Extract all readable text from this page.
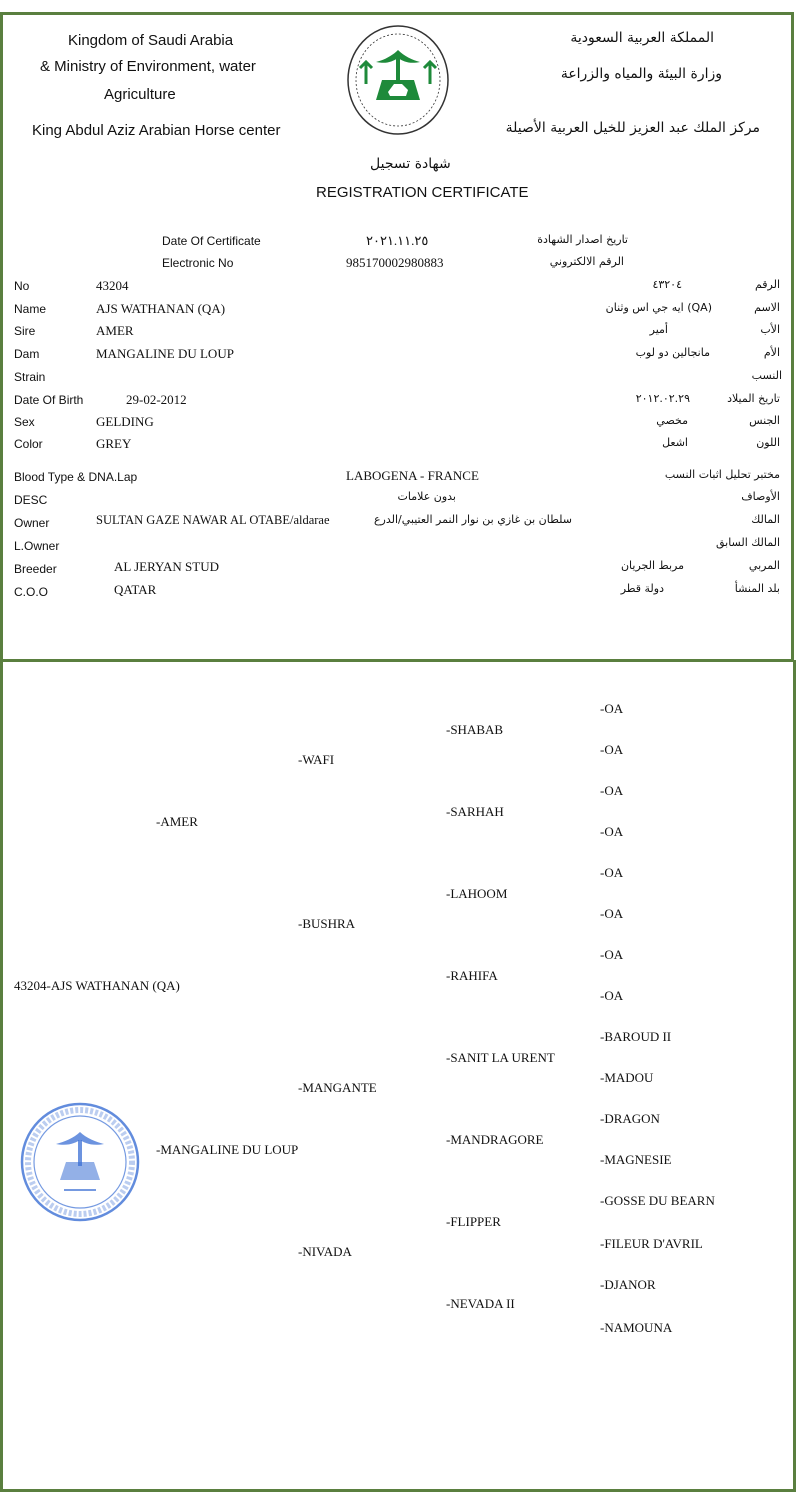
Kingdom of Saudi Arabia
& Ministry of Environment, water
Agriculture
King Abdul Aziz Arabian Horse center
المملكة العربية السعودية
وزارة البيئة والمياه والزراعة
مركز الملك عبد العزيز للخيل العربية الأصيلة
شهادة تسجيل
REGISTRATION CERTIFICATE
Date Of Certificate	٢٠٢١.١١.٢٥	تاريخ اصدار الشهادة
Electronic No	985170002980883	الرقم الالكتروني
No	43204	٤٣٢٠٤	الرقم
Name	AJS WATHANAN (QA)	(QA) ايه جي اس وثنان	الاسم
Sire	AMER	أمير	الأب
Dam	MANGALINE DU LOUP	مانجالين دو لوب	الأم
Strain	النسب
Date Of Birth	29-02-2012	٢٠١٢.٠٢.٢٩	تاريخ الميلاد
Sex	GELDING	مخصي	الجنس
Color	GREY	اشعل	اللون
Blood Type & DNA.Lap	LABOGENA - FRANCE	مختبر تحليل اثبات النسب
DESC	بدون علامات	الأوصاف
Owner	SULTAN GAZE NAWAR AL OTABE/aldarae	سلطان بن غازي بن نوار النمر العتيبي/الدرع	المالك
L.Owner	المالك السابق
Breeder	AL JERYAN STUD	مربط الجريان	المربي
C.O.O	QATAR	دولة قطر	بلد المنشأ
43204-AJS WATHANAN (QA)
-AMER
-MANGALINE DU LOUP
-WAFI
-BUSHRA
-MANGANTE
-NIVADA
-SHABAB
-SARHAH
-LAHOOM
-RAHIFA
-SANIT LA URENT
-MANDRAGORE
-FLIPPER
-NEVADA II
-OA
-OA
-OA
-OA
-OA
-OA
-OA
-OA
-BAROUD II
-MADOU
-DRAGON
-MAGNESIE
-GOSSE DU BEARN
-FILEUR D'AVRIL
-DJANOR
-NAMOUNA
